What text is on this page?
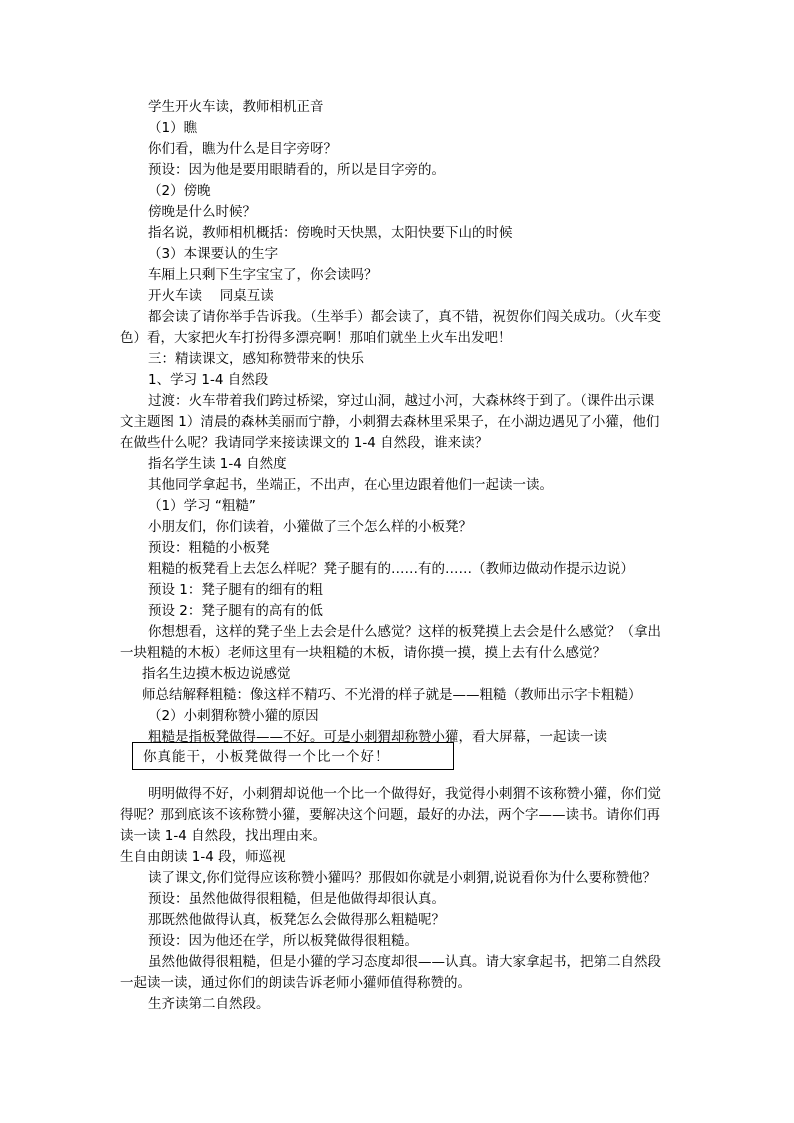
学生开火车读，教师相机正音
（1）瞧
你们看，瞧为什么是目字旁呀？
预设：因为他是要用眼睛看的，所以是目字旁的。
（2）傍晚
傍晚是什么时候？
指名说，教师相机概括：傍晚时天快黑，太阳快要下山的时候
（3）本课要认的生字
车厢上只剩下生字宝宝了，你会读吗？
开火车读　 同桌互读
都会读了请你举手告诉我。（生举手）都会读了，真不错，祝贺你们闯关成功。（火车变
色）看，大家把火车打扮得多漂亮啊！那咱们就坐上火车出发吧！
三：精读课文，感知称赞带来的快乐
1、学习 1-4 自然段
过渡：火车带着我们跨过桥梁，穿过山洞，越过小河，大森林终于到了。（课件出示课
文主题图 1）清晨的森林美丽而宁静，小刺猬去森林里采果子，在小湖边遇见了小獾，他们
在做些什么呢？我请同学来接读课文的 1-4 自然段，谁来读？
指名学生读 1-4 自然度
其他同学拿起书，坐端正，不出声，在心里边跟着他们一起读一读。
（1）学习 “粗糙”
小朋友们，你们读着，小獾做了三个怎么样的小板凳？
预设：粗糙的小板凳
粗糙的板凳看上去怎么样呢？凳子腿有的……有的……（教师边做动作提示边说）
预设 1：凳子腿有的细有的粗
预设 2：凳子腿有的高有的低
你想想看，这样的凳子坐上去会是什么感觉？这样的板凳摸上去会是什么感觉？（拿出
一块粗糙的木板）老师这里有一块粗糙的木板，请你摸一摸，摸上去有什么感觉？
指名生边摸木板边说感觉
师总结解释粗糙：像这样不精巧、不光滑的样子就是——粗糙（教师出示字卡粗糙）
（2）小刺猬称赞小獾的原因
粗糙是指板凳做得——不好。可是小刺猬却称赞小獾，看大屏幕，一起读一读
你真能干，小板凳做得一个比一个好！
明明做得不好，小刺猬却说他一个比一个做得好，我觉得小刺猬不该称赞小獾，你们觉
得呢？那到底该不该称赞小獾，要解决这个问题，最好的办法，两个字——读书。请你们再
读一读 1-4 自然段，找出理由来。
生自由朗读 1-4 段，师巡视
读了课文,你们觉得应该称赞小獾吗？那假如你就是小刺猬,说说看你为什么要称赞他？
预设：虽然他做得很粗糙，但是他做得却很认真。
那既然他做得认真，板凳怎么会做得那么粗糙呢？
预设：因为他还在学，所以板凳做得很粗糙。
虽然他做得很粗糙，但是小獾的学习态度却很——认真。请大家拿起书，把第二自然段
一起读一读，通过你们的朗读告诉老师小獾师值得称赞的。
生齐读第二自然段。
